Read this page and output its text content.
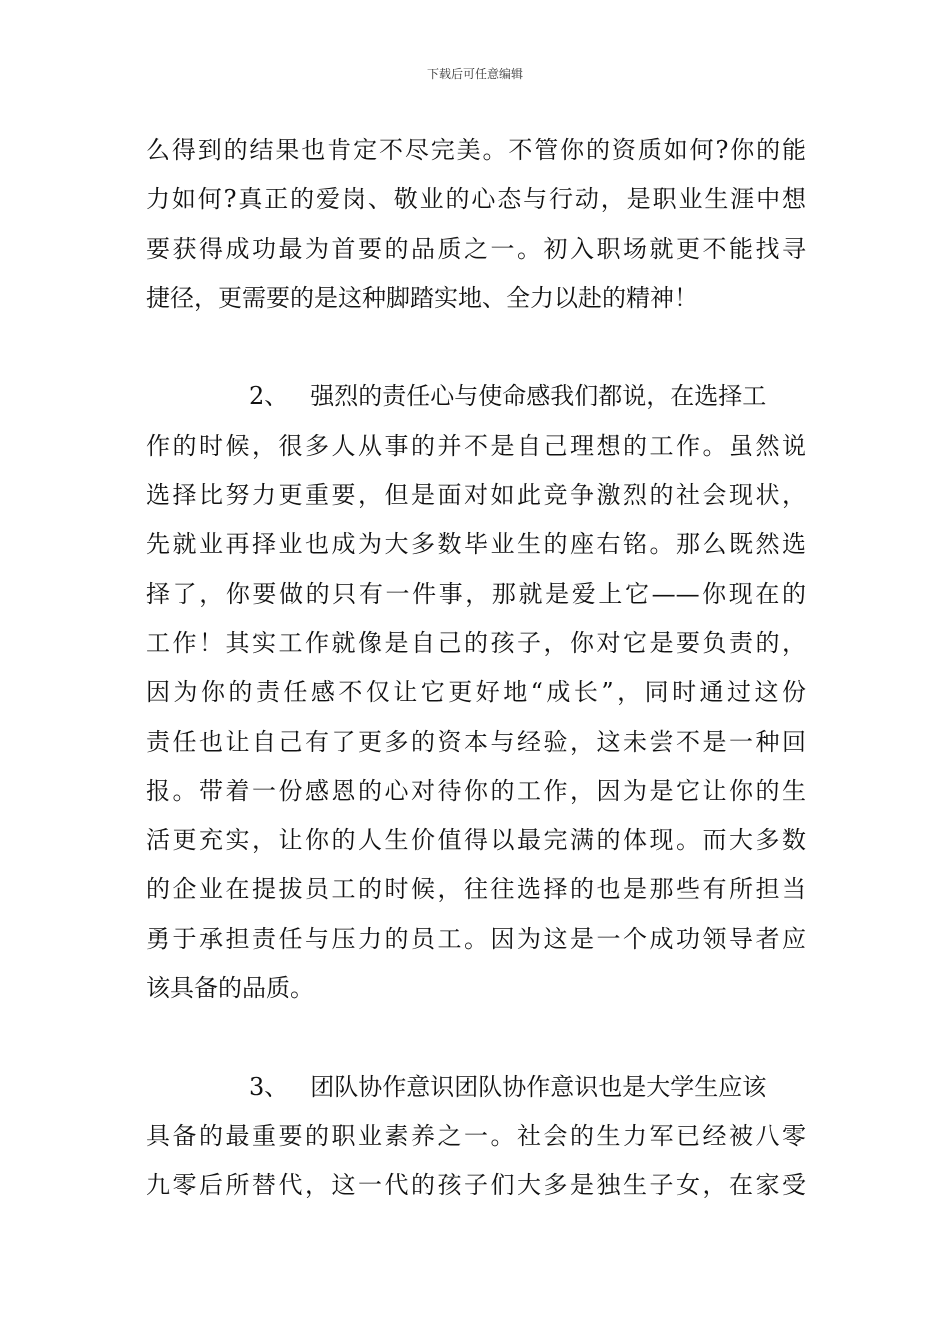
下载后可任意编辑
么得到的结果也肯定不尽完美。不管你的资质如何?你的能
力如何?真正的爱岗、敬业的心态与行动，是职业生涯中想
要获得成功最为首要的品质之一。初入职场就更不能找寻
捷径，更需要的是这种脚踏实地、全力以赴的精神！
2、 强烈的责任心与使命感我们都说，在选择工
作的时候，很多人从事的并不是自己理想的工作。虽然说
选择比努力更重要，但是面对如此竞争激烈的社会现状，
先就业再择业也成为大多数毕业生的座右铭。那么既然选
择了，你要做的只有一件事，那就是爱上它——你现在的
工作！其实工作就像是自己的孩子，你对它是要负责的，
因为你的责任感不仅让它更好地“成长”，同时通过这份
责任也让自己有了更多的资本与经验，这未尝不是一种回
报。带着一份感恩的心对待你的工作，因为是它让你的生
活更充实，让你的人生价值得以最完满的体现。而大多数
的企业在提拔员工的时候，往往选择的也是那些有所担当
勇于承担责任与压力的员工。因为这是一个成功领导者应
该具备的品质。
3、 团队协作意识团队协作意识也是大学生应该
具备的最重要的职业素养之一。社会的生力军已经被八零
九零后所替代，这一代的孩子们大多是独生子女，在家受
